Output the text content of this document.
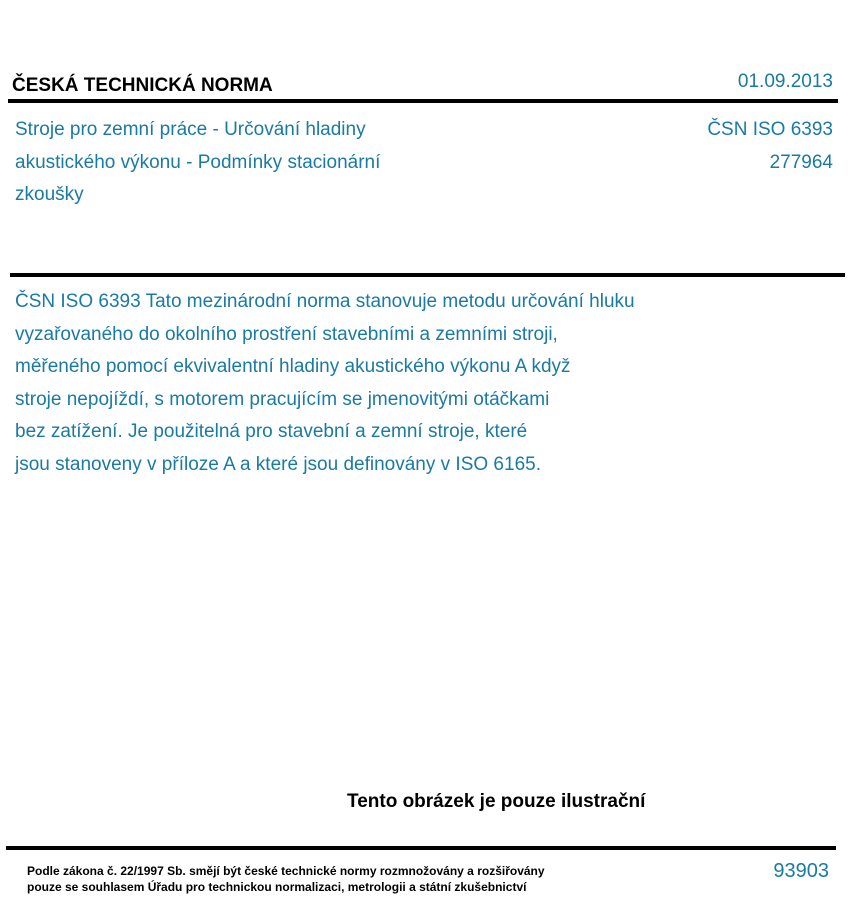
ČESKÁ TECHNICKÁ NORMA	01.09.2013
Stroje pro zemní práce - Určování hladiny akustického výkonu - Podmínky stacionární zkoušky
ČSN ISO 6393
277964
ČSN ISO 6393 Tato mezinárodní norma stanovuje metodu určování hluku
vyzařovaného do okolního prostření stavebními a zemními stroji,
měřeného pomocí ekvivalentní hladiny akustického výkonu A když
stroje nepojíždí, s motorem pracujícím se jmenovitými otáčkami
bez zatížení. Je použitelná pro stavební a zemní stroje, které
jsou stanoveny v příloze A a které jsou definovány v ISO 6165.
Tento obrázek je pouze ilustrační
Podle zákona č. 22/1997 Sb. smějí být české technické normy rozmnožovány a rozšiřovány
pouze se souhlasem Úřadu pro technickou normalizaci, metrologii a státní zkušebnictví
93903
